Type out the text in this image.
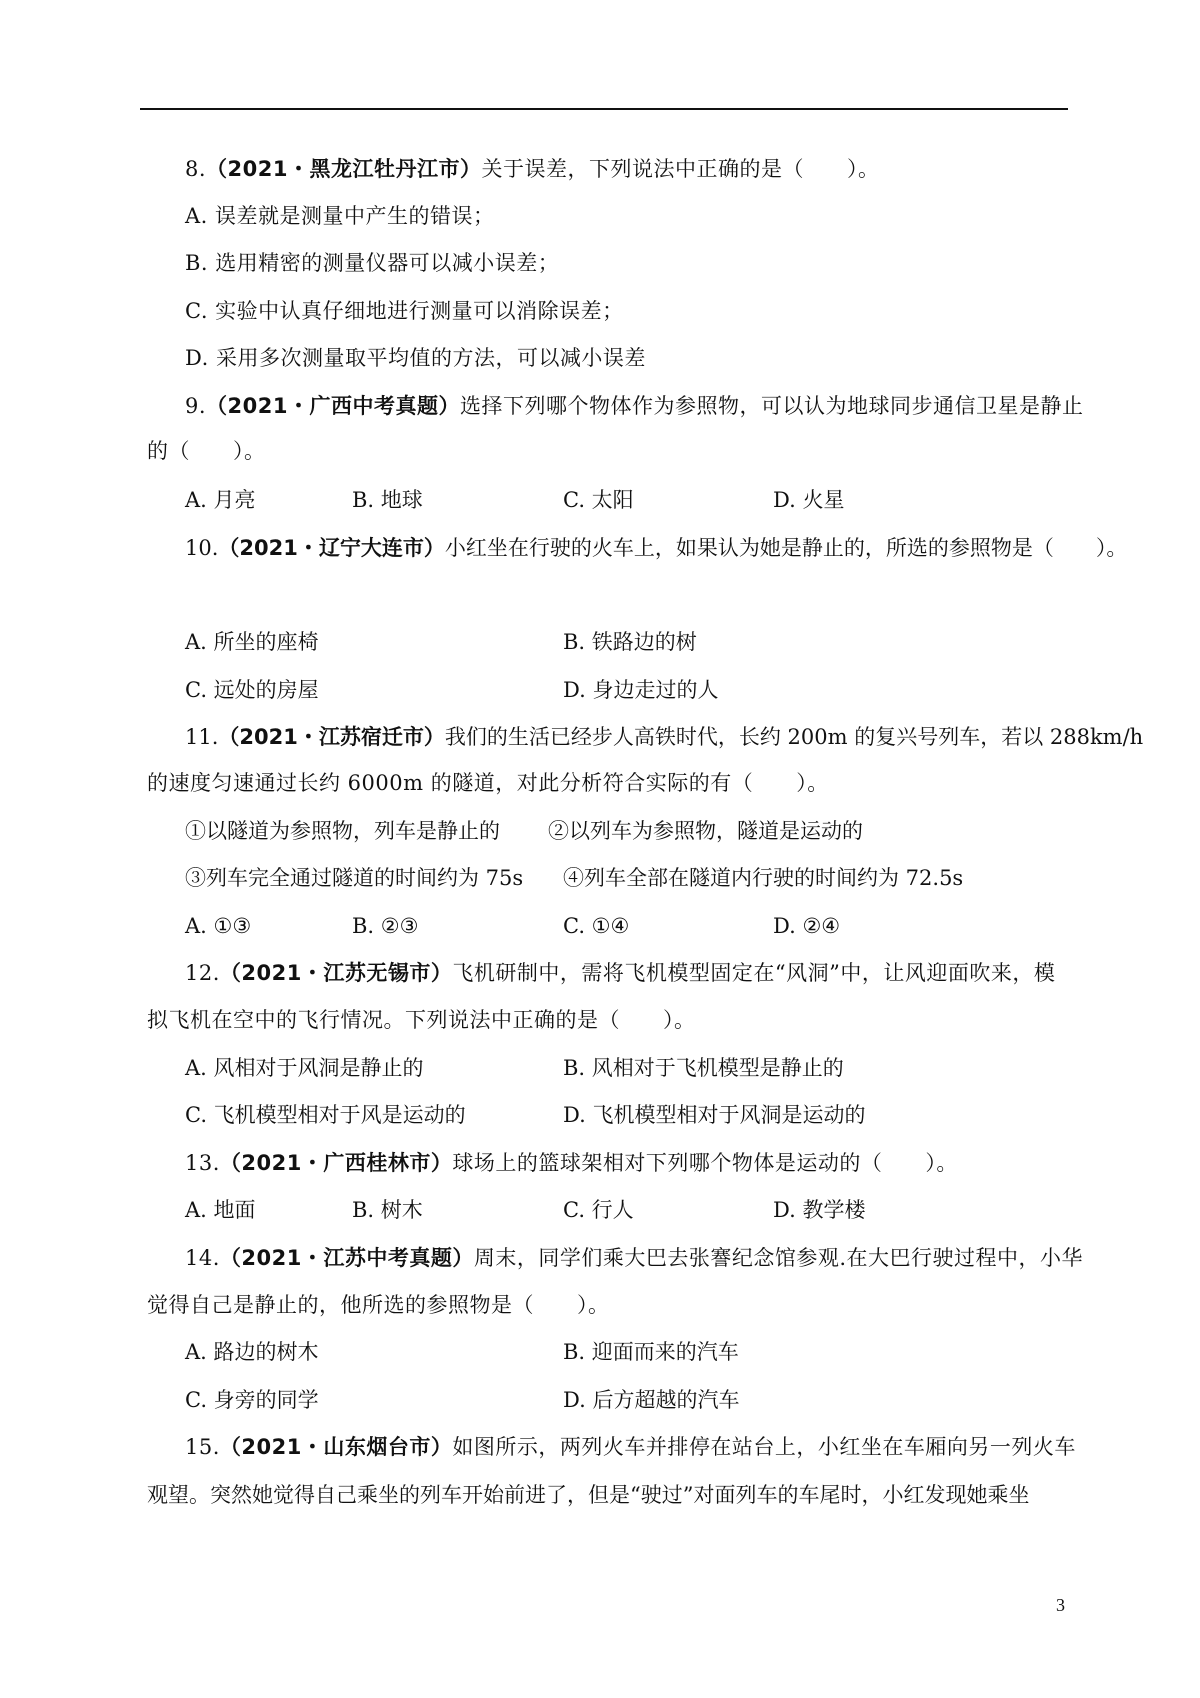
8.（2021・黑龙江牡丹江市）关于误差，下列说法中正确的是（　　）。
A. 误差就是测量中产生的错误；
B. 选用精密的测量仪器可以减小误差；
C. 实验中认真仔细地进行测量可以消除误差；
D. 采用多次测量取平均值的方法，可以减小误差
9.（2021・广西中考真题）选择下列哪个物体作为参照物，可以认为地球同步通信卫星是静止
的（　　）。
A. 月亮	B. 地球	C. 太阳	D. 火星
10.（2021・辽宁大连市）小红坐在行驶的火车上，如果认为她是静止的，所选的参照物是（　　）。
A. 所坐的座椅	B. 铁路边的树
C. 远处的房屋	D. 身边走过的人
11.（2021・江苏宿迁市）我们的生活已经步人高铁时代，长约 200m 的复兴号列车，若以 288km/h
的速度匀速通过长约 6000m 的隧道，对此分析符合实际的有（　　）。
①以隧道为参照物，列车是静止的 ②以列车为参照物，隧道是运动的
③列车完全通过隧道的时间约为 75s ④列车全部在隧道内行驶的时间约为 72.5s
A. ①③	B. ②③	C. ①④	D. ②④
12.（2021・江苏无锡市）飞机研制中，需将飞机模型固定在“风洞”中，让风迎面吹来，模
拟飞机在空中的飞行情况。下列说法中正确的是（　　）。
A. 风相对于风洞是静止的	B. 风相对于飞机模型是静止的
C. 飞机模型相对于风是运动的	D. 飞机模型相对于风洞是运动的
13.（2021・广西桂林市）球场上的篮球架相对下列哪个物体是运动的（　　）。
A. 地面	B. 树木	C. 行人	D. 教学楼
14.（2021・江苏中考真题）周末，同学们乘大巴去张謇纪念馆参观.在大巴行驶过程中，小华
觉得自己是静止的，他所选的参照物是（　　）。
A. 路边的树木	B. 迎面而来的汽车
C. 身旁的同学	D. 后方超越的汽车
15.（2021・山东烟台市）如图所示，两列火车并排停在站台上，小红坐在车厢向另一列火车
观望。突然她觉得自己乘坐的列车开始前进了，但是“驶过”对面列车的车尾时，小红发现她乘坐
3
